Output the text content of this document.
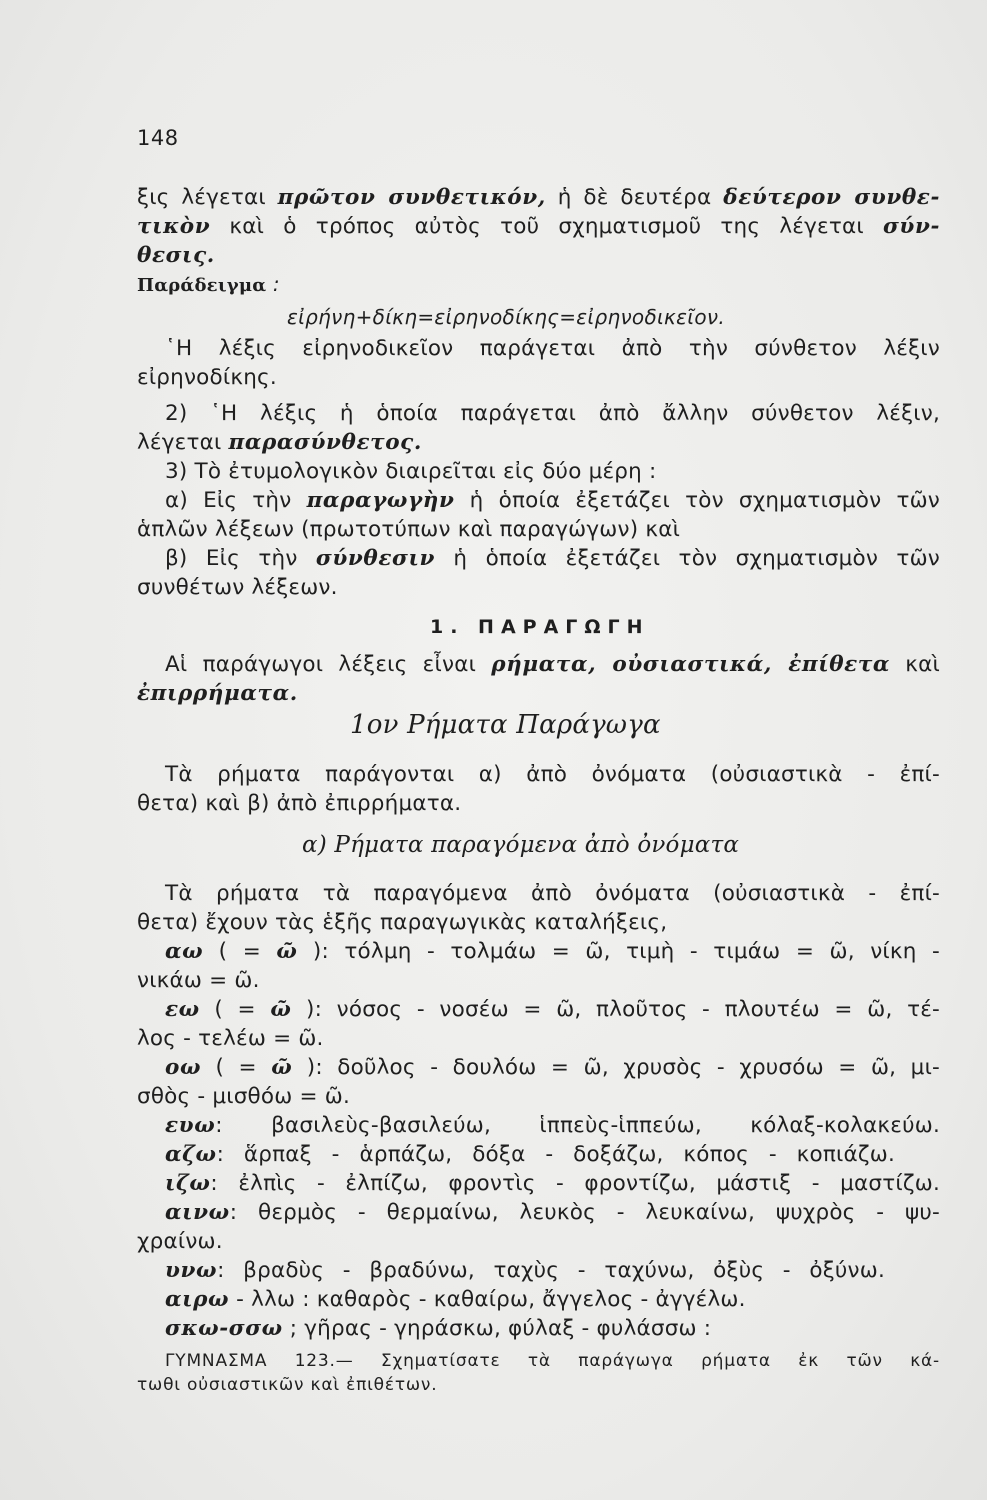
148
ξις λέγεται πρῶτον συνθετικόν, ἡ δὲ δευτέρα δεύτερον συνθε-
τικὸν καὶ ὁ τρόπος αὐτὸς τοῦ σχηματισμοῦ της λέγεται σύν-
θεσις.
Παράδειγμα :
εἰρήνη+δίκη=εἰρηνοδίκης=εἰρηνοδικεῖον.
῾Η λέξις εἰρηνοδικεῖον παράγεται ἀπὸ τὴν σύνθετον λέξιν
εἰρηνοδίκης.
2) ῾Η λέξις ἡ ὁποία παράγεται ἀπὸ ἄλλην σύνθετον λέξιν,
λέγεται παρασύνθετος.
3) Τὸ ἐτυμολογικὸν διαιρεῖται εἰς δύο μέρη :
α) Εἰς τὴν παραγωγὴν ἡ ὁποία ἐξετάζει τὸν σχηματισμὸν τῶν
ἁπλῶν λέξεων (πρωτοτύπων καὶ παραγώγων) καὶ
β) Εἰς τὴν σύνθεσιν ἡ ὁποία ἐξετάζει τὸν σχηματισμὸν τῶν
συνθέτων λέξεων.
1. ΠΑΡΑΓΩΓΗ
Αἱ παράγωγοι λέξεις εἶναι ρήματα, οὐσιαστικά, ἐπίθετα καὶ
ἐπιρρήματα.
1ον Ρήματα Παράγωγα
Τὰ ρήματα παράγονται α) ἀπὸ ὀνόματα (οὐσιαστικὰ - ἐπί-
θετα) καὶ β) ἀπὸ ἐπιρρήματα.
α) Ρήματα παραγόμενα ἀπὸ ὀνόματα
Τὰ ρήματα τὰ παραγόμενα ἀπὸ ὀνόματα (οὐσιαστικὰ - ἐπί-
θετα) ἔχουν τὰς ἑξῆς παραγωγικὰς καταλήξεις,
αω ( = ῶ ): τόλμη - τολμάω = ῶ, τιμὴ - τιμάω = ῶ, νίκη -
νικάω = ῶ.
εω ( = ῶ ): νόσος - νοσέω = ῶ, πλοῦτος - πλουτέω = ῶ, τέ-
λος - τελέω = ῶ.
οω ( = ῶ ): δοῦλος - δουλόω = ῶ, χρυσὸς - χρυσόω = ῶ, μι-
σθὸς - μισθόω = ῶ.
ευω: βασιλεὺς-βασιλεύω, ἱππεὺς-ἱππεύω, κόλαξ-κολακεύω.
αζω: ἅρπαξ - ἁρπάζω, δόξα - δοξάζω, κόπος - κοπιάζω.
ιζω: ἐλπὶς - ἐλπίζω, φροντὶς - φροντίζω, μάστιξ - μαστίζω.
αινω: θερμὸς - θερμαίνω, λευκὸς - λευκαίνω, ψυχρὸς - ψυ-
χραίνω.
υνω: βραδὺς - βραδύνω, ταχὺς - ταχύνω, ὀξὺς - ὀξύνω.
αιρω - λλω : καθαρὸς - καθαίρω, ἄγγελος - ἀγγέλω.
σκω-σσω ; γῆρας - γηράσκω, φύλαξ - φυλάσσω :
ΓΥΜΝΑΣΜΑ 123.— Σχηματίσατε τὰ παράγωγα ρήματα ἐκ τῶν κά-
τωθι οὐσιαστικῶν καὶ ἐπιθέτων.
